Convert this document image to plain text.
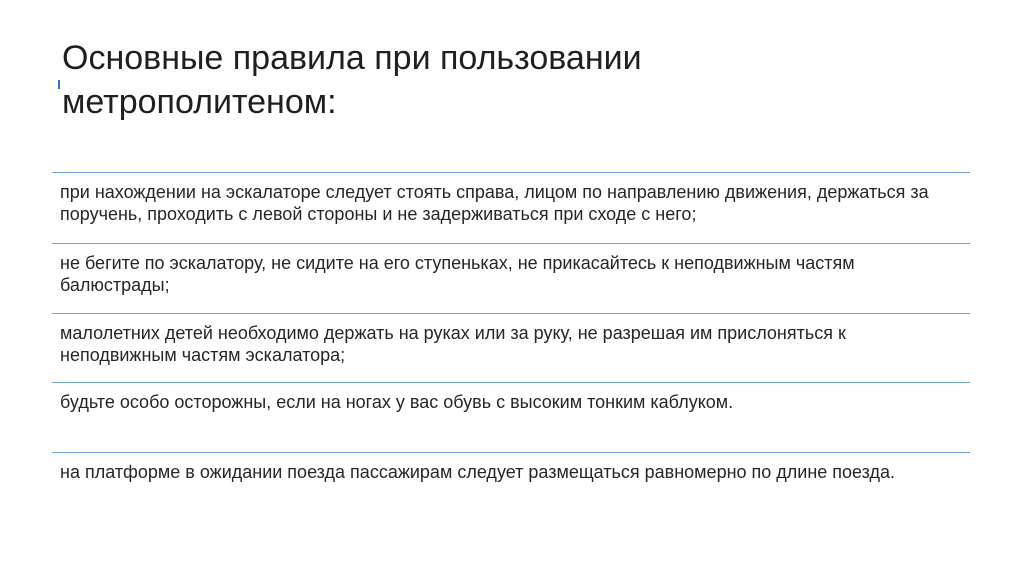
Основные правила при пользовании
метрополитеном:
при нахождении на эскалаторе следует стоять справа, лицом по направлению движения, держаться за поручень, проходить с левой стороны и не задерживаться при сходе с него;
не бегите по эскалатору, не сидите на его ступеньках, не прикасайтесь к неподвижным частям балюстрады;
малолетних детей необходимо держать на руках или за руку, не разрешая им прислоняться к неподвижным частям эскалатора;
будьте особо осторожны, если на ногах у вас обувь с высоким тонким каблуком.
на платформе в ожидании поезда пассажирам следует размещаться равномерно по длине поезда.
